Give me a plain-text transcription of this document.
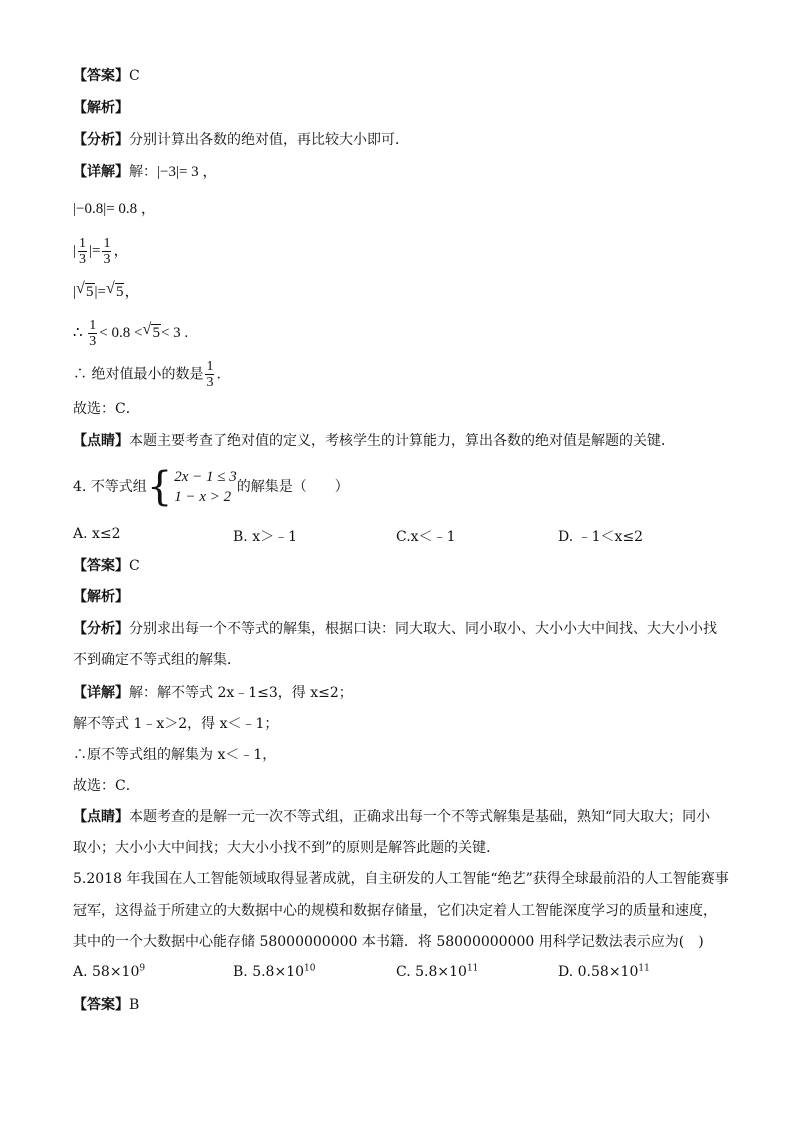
【答案】C
【解析】
【分析】分别计算出各数的绝对值，再比较大小即可．
【详解】解：|−3|= 3 ，
|−0.8|= 0.8 ，
| $\frac{1}{3}$ |= $\frac{1}{3}$ ，
| √ 5|= √ 5，
∴ $\frac{1}{3} < 0.8$ < √ 5< 3 .
∴ 绝对值最小的数是 $\frac{1}{3}$ .
故选：C．
【点睛】本题主要考查了绝对值的定义，考核学生的计算能力，算出各数的绝对值是解题的关键．
4. 不等式组 { 2x − 1 ≤ 3
1 − x > 2
的解集是（　　）
A. x≤2	B. x＞﹣1	C.x＜﹣1	D. ﹣1＜x≤2
【答案】C
【解析】
【分析】分别求出每一个不等式的解集，根据口诀：同大取大、同小取小、大小小大中间找、大大小小找
不到确定不等式组的解集．
【详解】解：解不等式 2x﹣1≤3，得 x≤2；
解不等式 1﹣x＞2，得 x＜﹣1；
∴原不等式组的解集为 x＜﹣1，
故选：C．
【点睛】本题考查的是解一元一次不等式组，正确求出每一个不等式解集是基础，熟知“同大取大；同小
取小；大小小大中间找；大大小小找不到”的原则是解答此题的关键．
5.2018 年我国在人工智能领域取得显著成就，自主研发的人工智能“绝艺”获得全球最前沿的人工智能赛事
冠军，这得益于所建立的大数据中心的规模和数据存储量，它们决定着人工智能深度学习的质量和速度，
其中的一个大数据中心能存储 58000000000 本书籍．将 58000000000 用科学记数法表示应为(　)
A. $58\times 10^9$	B. $5.8\times 10^{10}$	C. $5.8\times 10^{11}$	D. $0.58\times 10^{11}$
【答案】B
